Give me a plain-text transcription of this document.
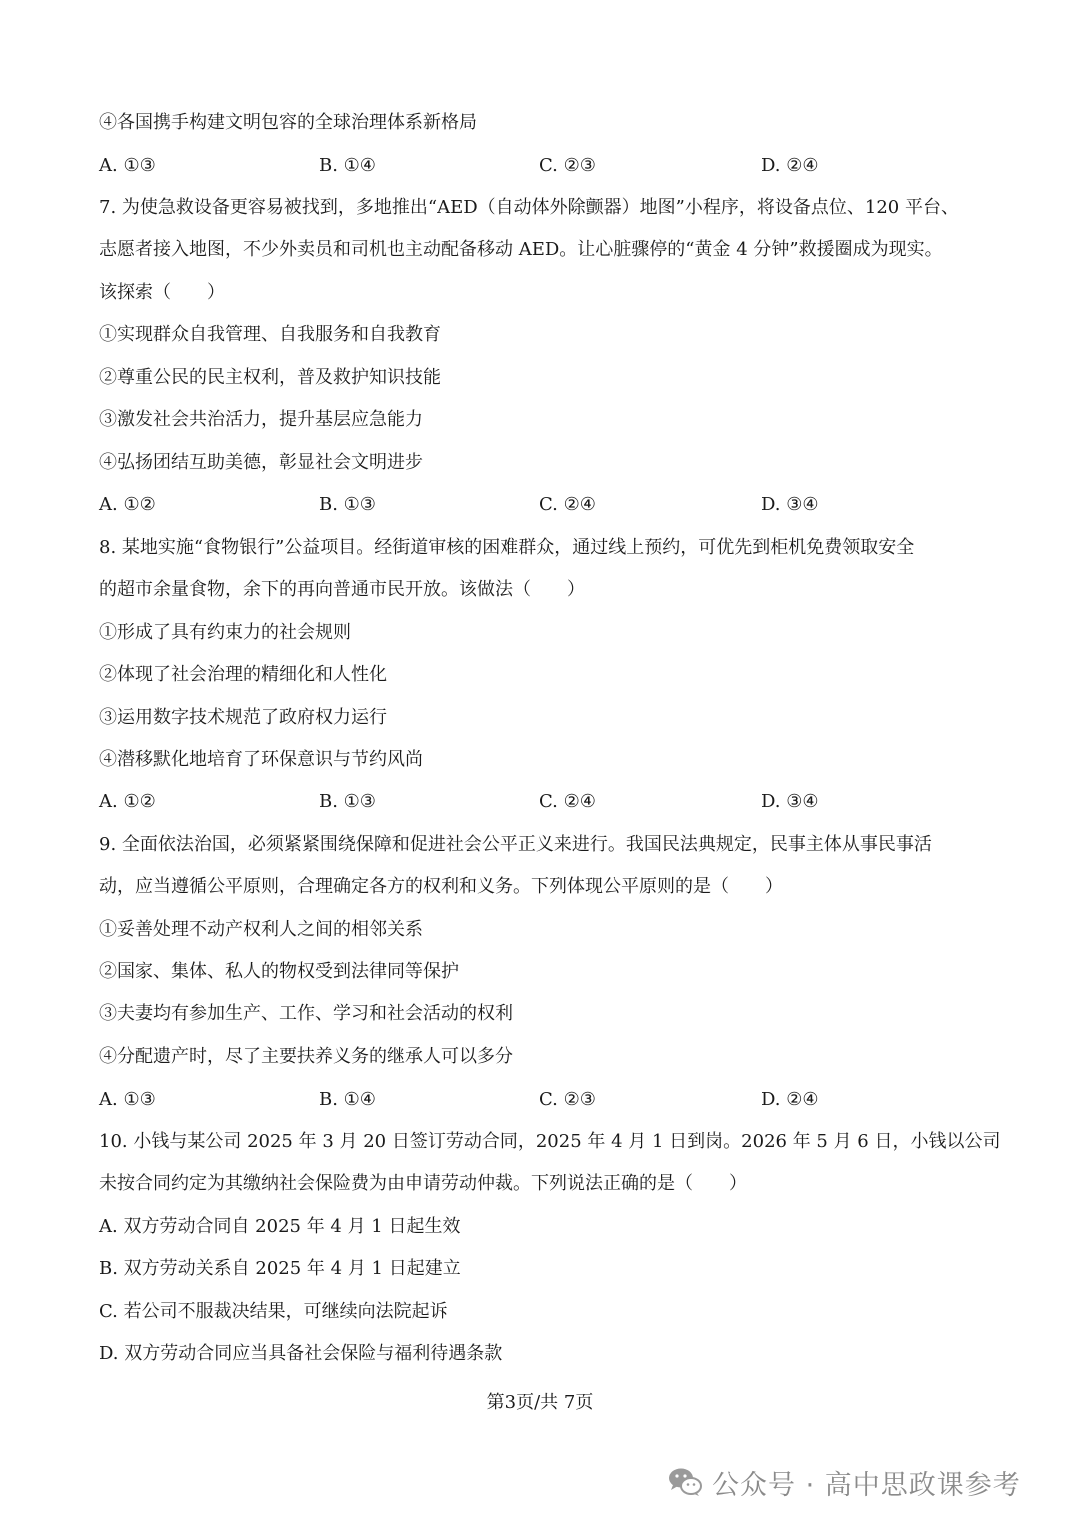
④各国携手构建文明包容的全球治理体系新格局
A. ①③	B. ①④	C. ②③	D. ②④
7. 为使急救设备更容易被找到，多地推出“AED（自动体外除颤器）地图”小程序，将设备点位、120 平台、
志愿者接入地图，不少外卖员和司机也主动配备移动 AED。让心脏骤停的“黄金 4 分钟”救援圈成为现实。
该探索（　　）
①实现群众自我管理、自我服务和自我教育
②尊重公民的民主权利，普及救护知识技能
③激发社会共治活力，提升基层应急能力
④弘扬团结互助美德，彰显社会文明进步
A. ①②	B. ①③	C. ②④	D. ③④
8. 某地实施“食物银行”公益项目。经街道审核的困难群众，通过线上预约，可优先到柜机免费领取安全
的超市余量食物，余下的再向普通市民开放。该做法（　　）
①形成了具有约束力的社会规则
②体现了社会治理的精细化和人性化
③运用数字技术规范了政府权力运行
④潜移默化地培育了环保意识与节约风尚
A. ①②	B. ①③	C. ②④	D. ③④
9. 全面依法治国，必须紧紧围绕保障和促进社会公平正义来进行。我国民法典规定，民事主体从事民事活
动，应当遵循公平原则，合理确定各方的权利和义务。下列体现公平原则的是（　　）
①妥善处理不动产权利人之间的相邻关系
②国家、集体、私人的物权受到法律同等保护
③夫妻均有参加生产、工作、学习和社会活动的权利
④分配遗产时，尽了主要扶养义务的继承人可以多分
A. ①③	B. ①④	C. ②③	D. ②④
10. 小钱与某公司 2025 年 3 月 20 日签订劳动合同，2025 年 4 月 1 日到岗。2026 年 5 月 6 日，小钱以公司
未按合同约定为其缴纳社会保险费为由申请劳动仲裁。下列说法正确的是（　　）
A. 双方劳动合同自 2025 年 4 月 1 日起生效
B. 双方劳动关系自 2025 年 4 月 1 日起建立
C. 若公司不服裁决结果，可继续向法院起诉
D. 双方劳动合同应当具备社会保险与福利待遇条款
第3页/共 7页
公众号 · 高中思政课参考
